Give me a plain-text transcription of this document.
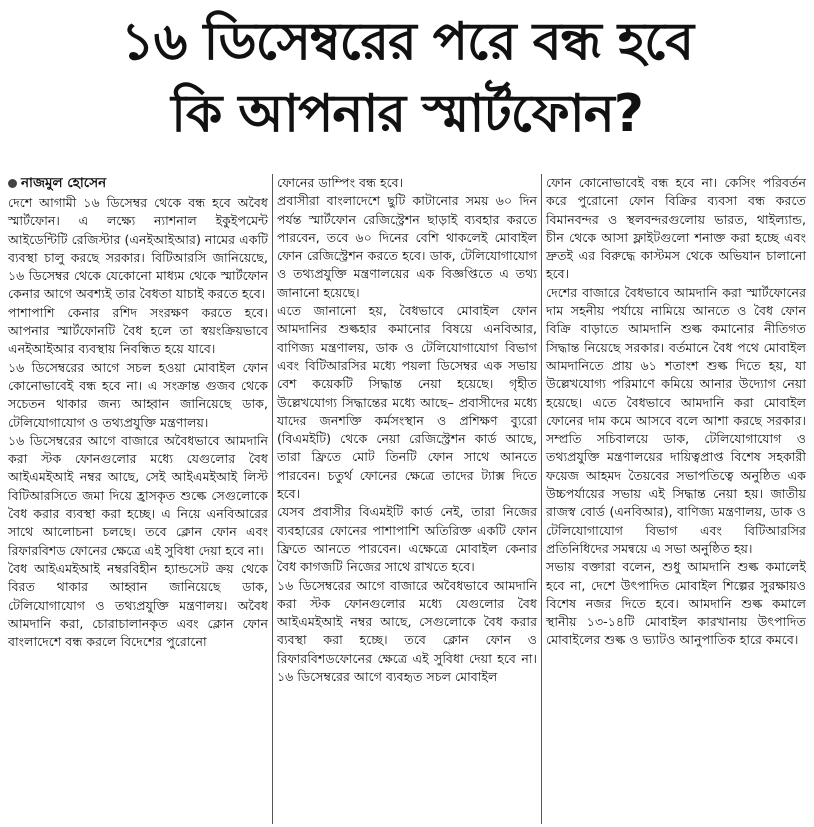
১৬ ডিসেম্বরের পরে বন্ধ হবে
কি আপনার স্মার্টফোন?
নাজমুল হোসেন

দেশে আগামী ১৬ ডিসেম্বর থেকে বন্ধ হবে অবৈধ স্মার্টফোন। এ লক্ষ্যে ন্যাশনাল ইকুইপমেন্ট আইডেন্টিটি রেজিস্টার (এনইআইআর) নামের একটি ব্যবস্থা চালু করছে সরকার। বিটিআরসি জানিয়েছে, ১৬ ডিসেম্বর থেকে যেকোনো মাধ্যম থেকে স্মার্টফোন কেনার আগে অবশ্যই তার বৈধতা যাচাই করতে হবে।

পাশাপাশি কেনার রশিদ সংরক্ষণ করতে হবে। আপনার স্মার্টফোনটি বৈধ হলে তা স্বয়ংক্রিয়ভাবে এনইআইআর ব্যবস্থায় নিবন্ধিত হয়ে যাবে।

১৬ ডিসেম্বরের আগে সচল হওয়া মোবাইল ফোন কোনোভাবেই বন্ধ হবে না। এ সংক্রান্ত গুজব থেকে সচেতন থাকার জন্য আহ্বান জানিয়েছে ডাক, টেলিযোগাযোগ ও তথ্যপ্রযুক্তি মন্ত্রণালয়।

১৬ ডিসেম্বরের আগে বাজারে অবৈধভাবে আমদানি করা স্টক ফোনগুলোর মধ্যে যেগুলোর বৈধ আইএমইআই নম্বর আছে, সেই আইএমইআই লিস্ট বিটিআরসিতে জমা দিয়ে হ্রাসকৃত শুল্কে সেগুলোকে বৈধ করার ব্যবস্থা করা হচ্ছে। এ নিয়ে এনবিআরের সাথে আলোচনা চলছে। তবে ক্লোন ফোন এবং রিফারবিশড ফোনের ক্ষেত্রে এই সুবিধা দেয়া হবে না।

বৈধ আইএমইআই নম্বরবিহীন হ্যান্ডসেট ক্রয় থেকে বিরত থাকার আহ্বান জানিয়েছে ডাক, টেলিযোগাযোগ ও তথ্যপ্রযুক্তি মন্ত্রণালয়। অবৈধ আমদানি করা, চোরাচালানকৃত এবং ক্লোন ফোন বাংলাদেশে বন্ধ করলে বিদেশের পুরোনো

ফোনের ডাম্পিং বন্ধ হবে।

প্রবাসীরা বাংলাদেশে ছুটি কাটানোর সময় ৬০ দিন পর্যন্ত স্মার্টফোন রেজিস্ট্রেশন ছাড়াই ব্যবহার করতে পারবেন, তবে ৬০ দিনের বেশি থাকলেই মোবাইল ফোন রেজিস্ট্রেশন করতে হবে। ডাক, টেলিযোগাযোগ ও তথ্যপ্রযুক্তি মন্ত্রণালয়ের এক বিজ্ঞপ্তিতে এ তথ্য জানানো হয়েছে।

এতে জানানো হয়, বৈধভাবে মোবাইল ফোন আমদানির শুল্কহার কমানোর বিষয়ে এনবিআর, বাণিজ্য মন্ত্রণালয়, ডাক ও টেলিযোগাযোগ বিভাগ এবং বিটিআরসির মধ্যে পয়লা ডিসেম্বর এক সভায় বেশ কয়েকটি সিদ্ধান্ত নেয়া হয়েছে। গৃহীত উল্লেখযোগ্য সিদ্ধান্তের মধ্যে আছে– প্রবাসীদের মধ্যে যাদের জনশক্তি কর্মসংস্থান ও প্রশিক্ষণ ব্যুরো (বিএমইটি) থেকে নেয়া রেজিস্ট্রেশন কার্ড আছে, তারা ফ্রিতে মোট তিনটি ফোন সাথে আনতে পারবেন। চতুর্থ ফোনের ক্ষেত্রে তাদের ট্যাক্স দিতে হবে।

যেসব প্রবাসীর বিএমইটি কার্ড নেই, তারা নিজের ব্যবহারের ফোনের পাশাপাশি অতিরিক্ত একটি ফোন ফ্রিতে আনতে পারবেন। এক্ষেত্রে মোবাইল কেনার বৈধ কাগজটি নিজের সাথে রাখতে হবে।

১৬ ডিসেম্বরের আগে বাজারে অবৈধভাবে আমদানি করা স্টক ফোনগুলোর মধ্যে যেগুলোর বৈধ আইএমইআই নম্বর আছে, সেগুলোকে বৈধ করার ব্যবস্থা করা হচ্ছে। তবে ক্লোন ফোন ও রিফারবিশডফোনের ক্ষেত্রে এই সুবিধা দেয়া হবে না। ১৬ ডিসেম্বরের আগে ব্যবহৃত সচল মোবাইল

ফোন কোনোভাবেই বন্ধ হবে না। কেসিং পরিবর্তন করে পুরোনো ফোন বিক্রির ব্যবসা বন্ধ করতে বিমানবন্দর ও স্থলবন্দরগুলোয় ভারত, থাইল্যান্ড, চীন থেকে আসা ফ্লাইটগুলো শনাক্ত করা হচ্ছে এবং দ্রুতই এর বিরুদ্ধে কাস্টমস থেকে অভিযান চালানো হবে।

দেশের বাজারে বৈধভাবে আমদানি করা স্মার্টফোনের দাম সহনীয় পর্যায়ে নামিয়ে আনতে ও বৈধ ফোন বিক্রি বাড়াতে আমদানি শুল্ক কমানোর নীতিগত সিদ্ধান্ত নিয়েছে সরকার। বর্তমানে বৈধ পথে মোবাইল আমদানিতে প্রায় ৬১ শতাংশ শুল্ক দিতে হয়, যা উল্লেখযোগ্য পরিমাণে কমিয়ে আনার উদ্যোগ নেয়া হয়েছে। এতে বৈধভাবে আমদানি করা মোবাইল ফোনের দাম কমে আসবে বলে আশা করছে সরকার। সম্প্রতি সচিবালয়ে ডাক, টেলিযোগাযোগ ও তথ্যপ্রযুক্তি মন্ত্রণালয়ের দায়িত্বপ্রাপ্ত বিশেষ সহকারী ফয়েজ আহমদ তৈয়বের সভাপতিত্বে অনুষ্ঠিত এক উচ্চপর্যায়ের সভায় এই সিদ্ধান্ত নেয়া হয়। জাতীয় রাজস্ব বোর্ড (এনবিআর), বাণিজ্য মন্ত্রণালয়, ডাক ও টেলিযোগাযোগ বিভাগ এবং বিটিআরসির প্রতিনিধিদের সমন্বয়ে এ সভা অনুষ্ঠিত হয়।

সভায় বক্তারা বলেন, শুধু আমদানি শুল্ক কমালেই হবে না, দেশে উৎপাদিত মোবাইল শিল্পের সুরক্ষায়ও বিশেষ নজর দিতে হবে। আমদানি শুল্ক কমালে স্থানীয় ১৩-১৪টি মোবাইল কারখানায় উৎপাদিত মোবাইলের শুল্ক ও ভ্যাটও আনুপাতিক হারে কমবে।
